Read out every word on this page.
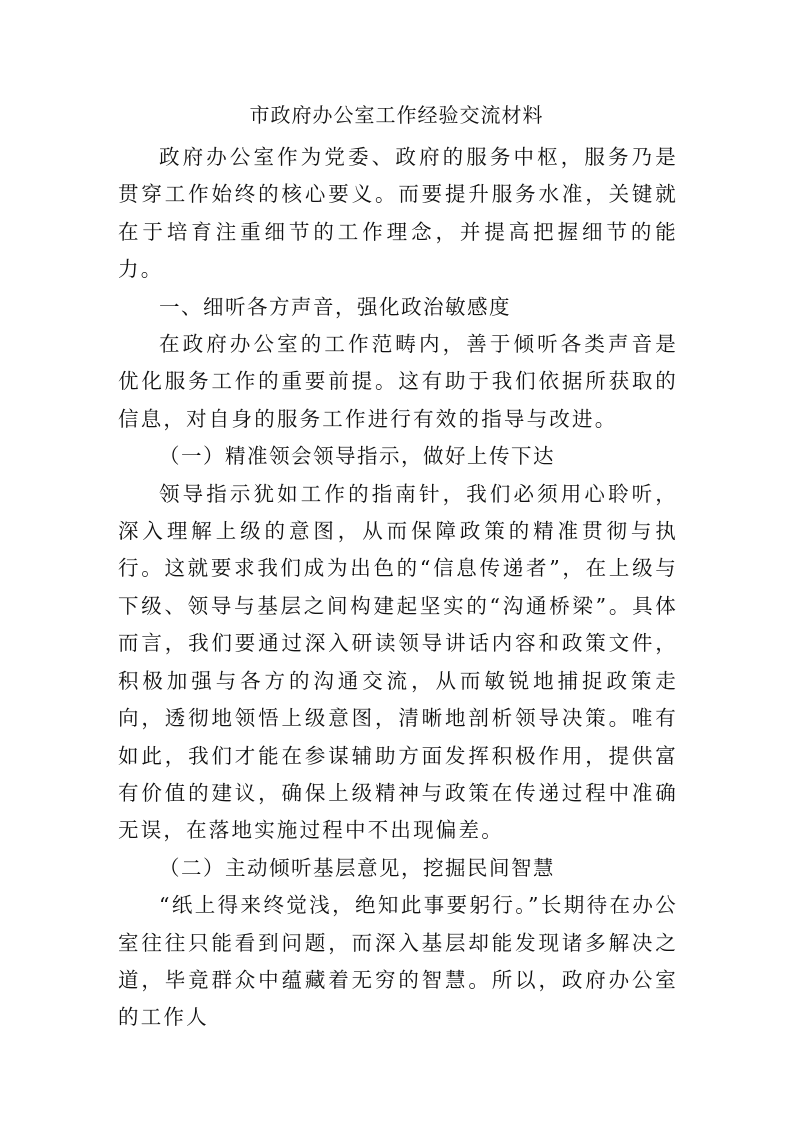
市政府办公室工作经验交流材料

政府办公室作为党委、政府的服务中枢，服务乃是贯穿工作始终的核心要义。而要提升服务水准，关键就在于培育注重细节的工作理念，并提高把握细节的能力。

一、细听各方声音，强化政治敏感度

在政府办公室的工作范畴内，善于倾听各类声音是优化服务工作的重要前提。这有助于我们依据所获取的信息，对自身的服务工作进行有效的指导与改进。

（一）精准领会领导指示，做好上传下达

领导指示犹如工作的指南针，我们必须用心聆听，深入理解上级的意图，从而保障政策的精准贯彻与执行。这就要求我们成为出色的“信息传递者”，在上级与下级、领导与基层之间构建起坚实的“沟通桥梁”。具体而言，我们要通过深入研读领导讲话内容和政策文件，积极加强与各方的沟通交流，从而敏锐地捕捉政策走向，透彻地领悟上级意图，清晰地剖析领导决策。唯有如此，我们才能在参谋辅助方面发挥积极作用，提供富有价值的建议，确保上级精神与政策在传递过程中准确无误，在落地实施过程中不出现偏差。

（二）主动倾听基层意见，挖掘民间智慧

“纸上得来终觉浅，绝知此事要躬行。”长期待在办公室往往只能看到问题，而深入基层却能发现诸多解决之道，毕竟群众中蕴藏着无穷的智慧。所以，政府办公室的工作人
